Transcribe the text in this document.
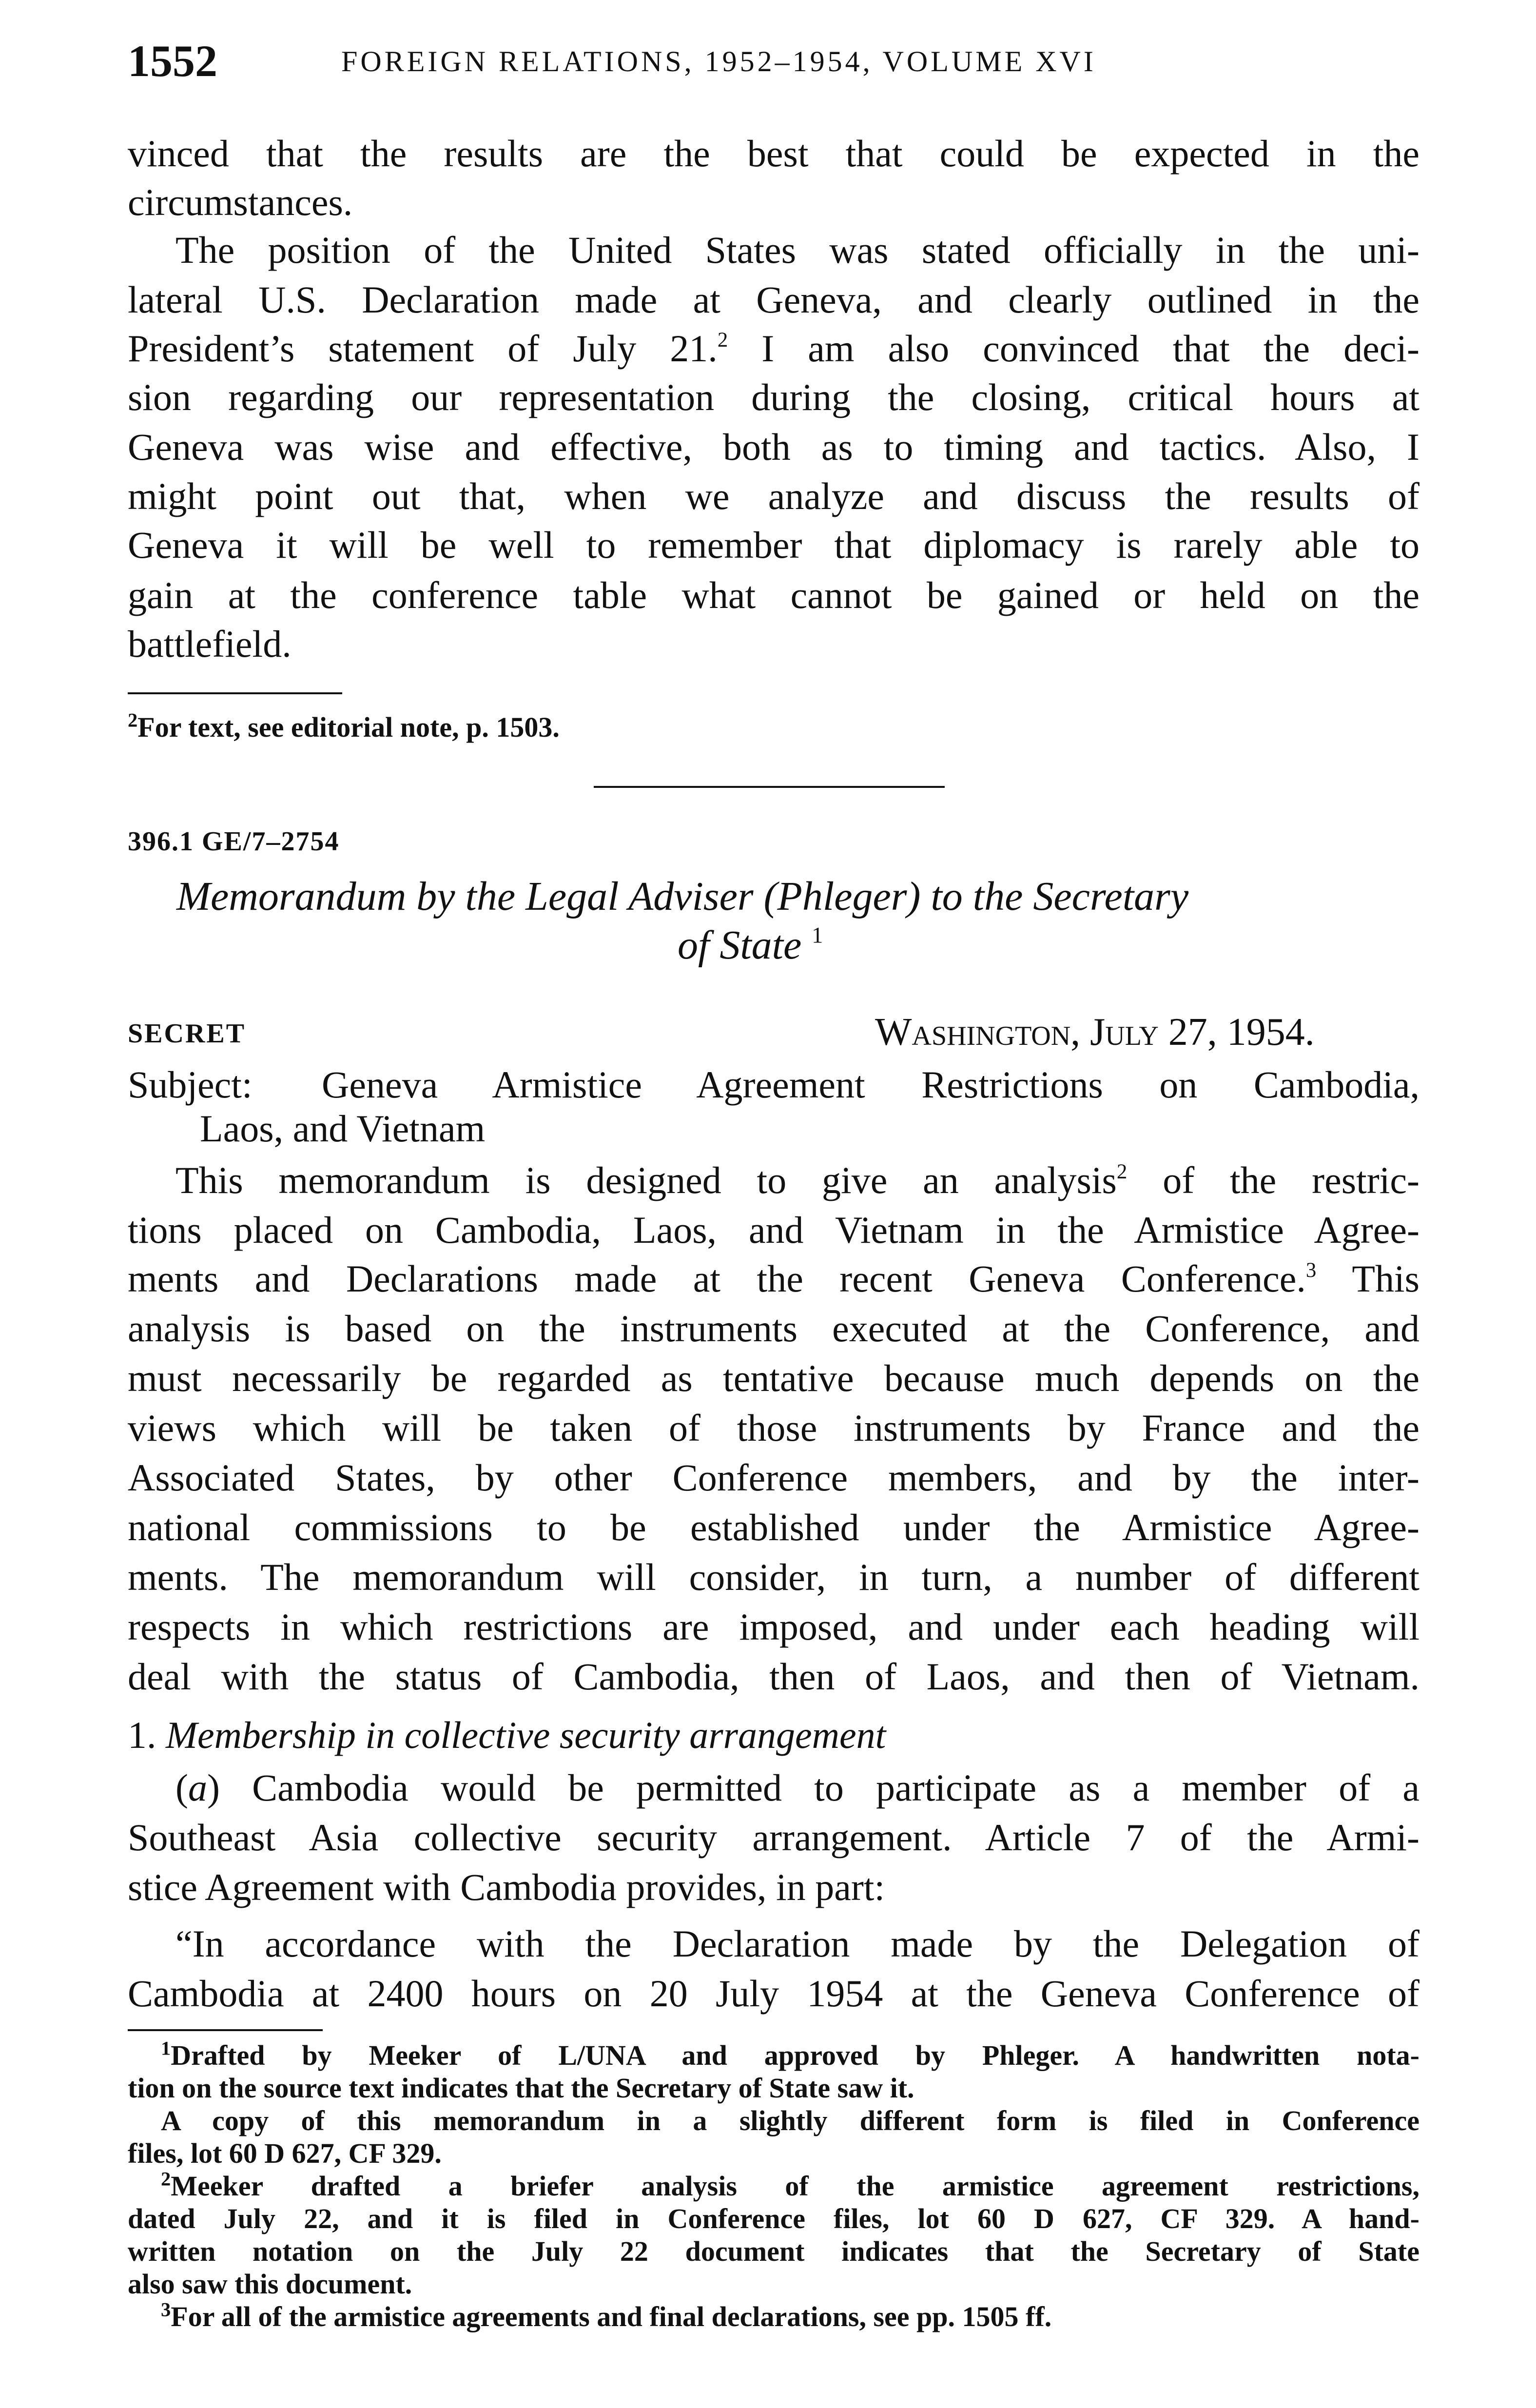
1552	FOREIGN RELATIONS, 1952–1954, VOLUME XVI
vinced that the results are the best that could be expected in the
circumstances.
The position of the United States was stated officially in the uni-
lateral U.S. Declaration made at Geneva, and clearly outlined in the
President’s statement of July 21.$^2$ I am also convinced that the deci-
sion regarding our representation during the closing, critical hours at
Geneva was wise and effective, both as to timing and tactics. Also, I
might point out that, when we analyze and discuss the results of
Geneva it will be well to remember that diplomacy is rarely able to
gain at the conference table what cannot be gained or held on the
battlefield.
$^2$For text, see editorial note, p. 1503.
396.1 GE/7–2754
Memorandum by the Legal Adviser (Phleger) to the Secretary
of State $^1$
SECRET	Washington, July 27, 1954.
Subject: Geneva Armistice Agreement Restrictions on Cambodia,
Laos, and Vietnam
This memorandum is designed to give an analysis$^2$ of the restric-
tions placed on Cambodia, Laos, and Vietnam in the Armistice Agree-
ments and Declarations made at the recent Geneva Conference.$^3$ This
analysis is based on the instruments executed at the Conference, and
must necessarily be regarded as tentative because much depends on the
views which will be taken of those instruments by France and the
Associated States, by other Conference members, and by the inter-
national commissions to be established under the Armistice Agree-
ments. The memorandum will consider, in turn, a number of different
respects in which restrictions are imposed, and under each heading will
deal with the status of Cambodia, then of Laos, and then of Vietnam.
1. Membership in collective security arrangement
(a) Cambodia would be permitted to participate as a member of a
Southeast Asia collective security arrangement. Article 7 of the Armi-
stice Agreement with Cambodia provides, in part:
“In accordance with the Declaration made by the Delegation of
Cambodia at 2400 hours on 20 July 1954 at the Geneva Conference of
$^1$Drafted by Meeker of L/UNA and approved by Phleger. A handwritten nota-
tion on the source text indicates that the Secretary of State saw it.
A copy of this memorandum in a slightly different form is filed in Conference
files, lot 60 D 627, CF 329.
$^2$Meeker drafted a briefer analysis of the armistice agreement restrictions,
dated July 22, and it is filed in Conference files, lot 60 D 627, CF 329. A hand-
written notation on the July 22 document indicates that the Secretary of State
also saw this document.
$^3$For all of the armistice agreements and final declarations, see pp. 1505 ff.
